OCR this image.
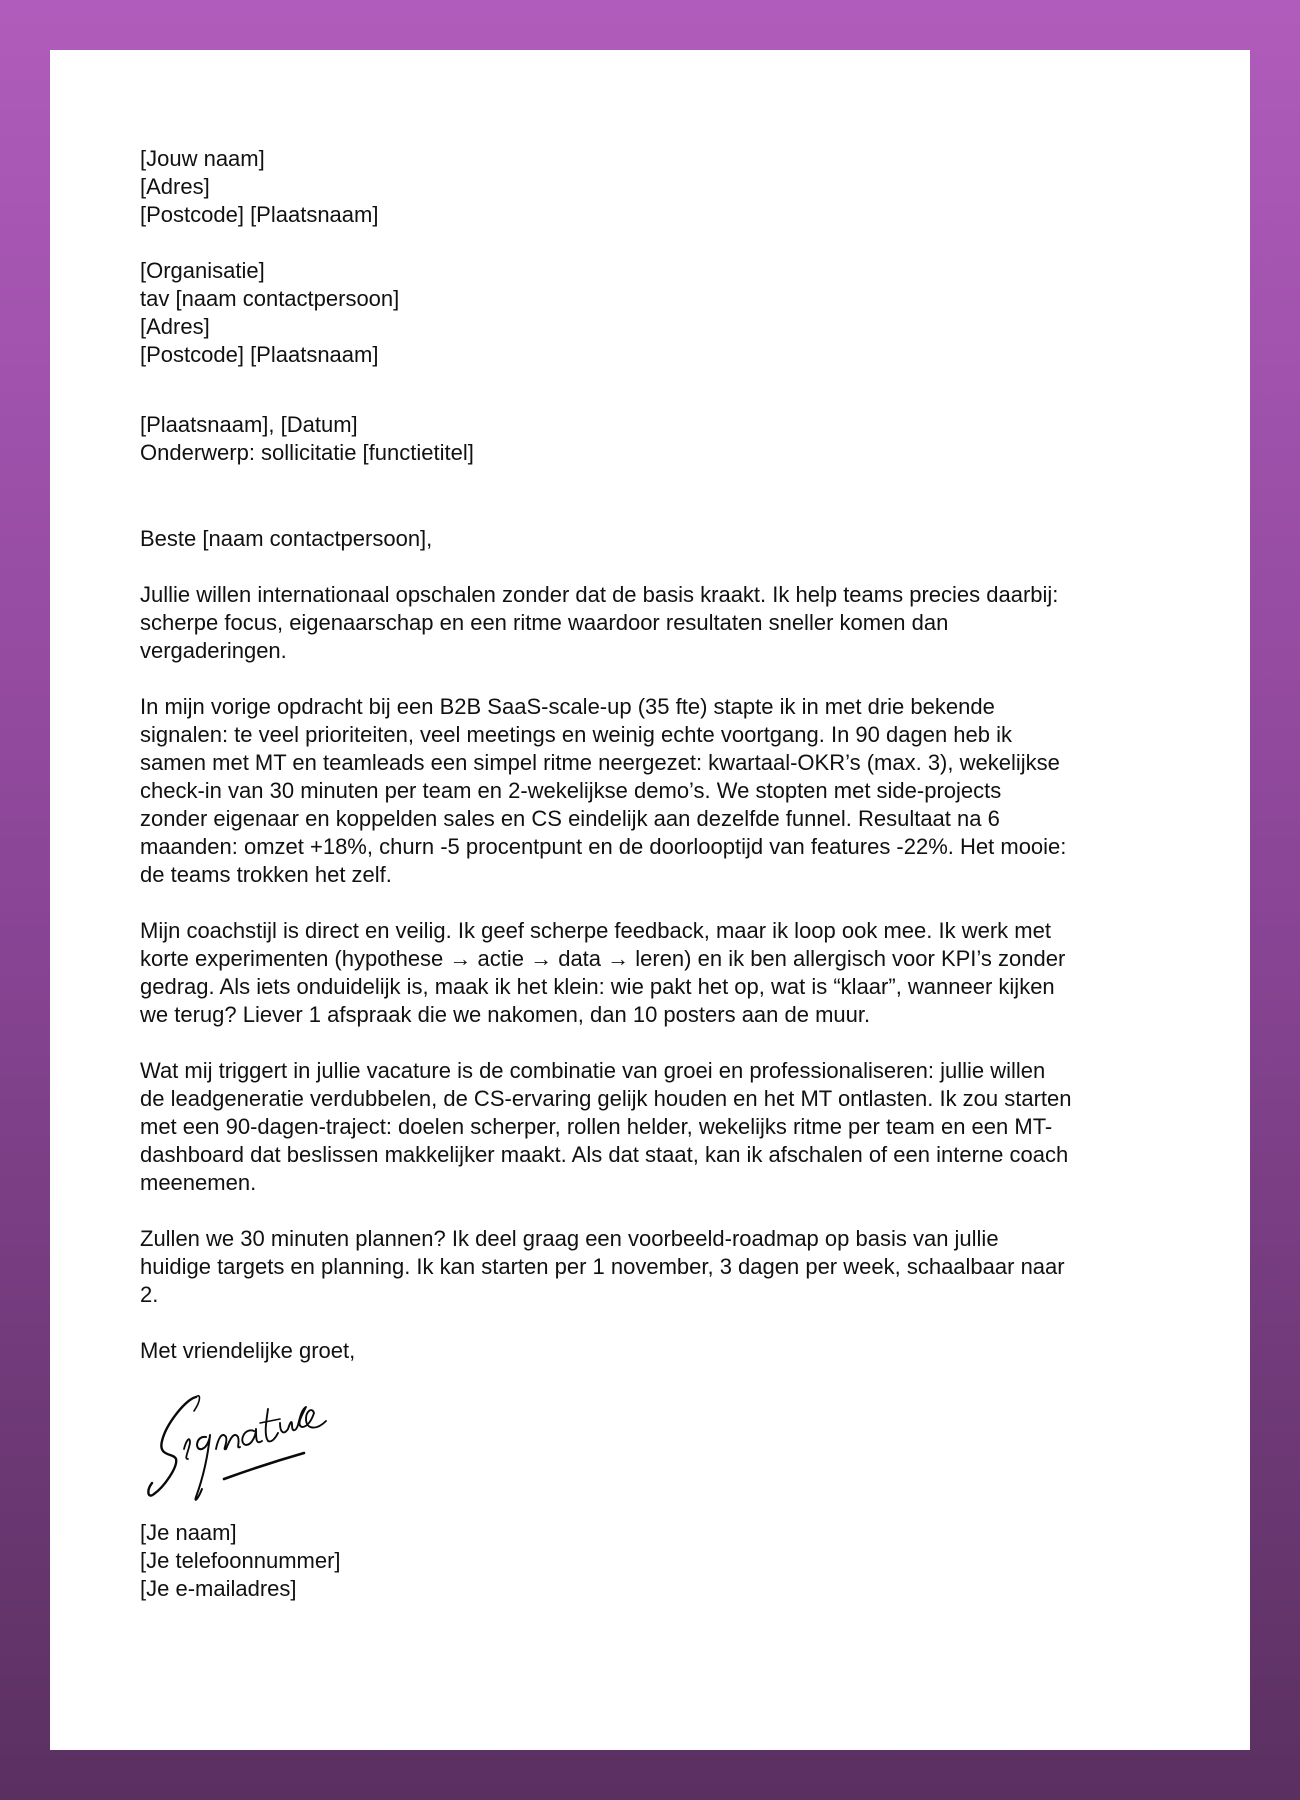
[Jouw naam]
[Adres]
[Postcode] [Plaatsnaam]
[Organisatie]
tav [naam contactpersoon]
[Adres]
[Postcode] [Plaatsnaam]
[Plaatsnaam], [Datum]
Onderwerp: sollicitatie [functietitel]
Beste [naam contactpersoon],
Jullie willen internationaal opschalen zonder dat de basis kraakt. Ik help teams precies daarbij:
scherpe focus, eigenaarschap en een ritme waardoor resultaten sneller komen dan
vergaderingen.
In mijn vorige opdracht bij een B2B SaaS-scale-up (35 fte) stapte ik in met drie bekende
signalen: te veel prioriteiten, veel meetings en weinig echte voortgang. In 90 dagen heb ik
samen met MT en teamleads een simpel ritme neergezet: kwartaal-OKR’s (max. 3), wekelijkse
check-in van 30 minuten per team en 2-wekelijkse demo’s. We stopten met side-projects
zonder eigenaar en koppelden sales en CS eindelijk aan dezelfde funnel. Resultaat na 6
maanden: omzet +18%, churn -5 procentpunt en de doorlooptijd van features -22%. Het mooie:
de teams trokken het zelf.
Mijn coachstijl is direct en veilig. Ik geef scherpe feedback, maar ik loop ook mee. Ik werk met
korte experimenten (hypothese → actie → data → leren) en ik ben allergisch voor KPI’s zonder
gedrag. Als iets onduidelijk is, maak ik het klein: wie pakt het op, wat is “klaar”, wanneer kijken
we terug? Liever 1 afspraak die we nakomen, dan 10 posters aan de muur.
Wat mij triggert in jullie vacature is de combinatie van groei en professionaliseren: jullie willen
de leadgeneratie verdubbelen, de CS-ervaring gelijk houden en het MT ontlasten. Ik zou starten
met een 90-dagen-traject: doelen scherper, rollen helder, wekelijks ritme per team en een MT-
dashboard dat beslissen makkelijker maakt. Als dat staat, kan ik afschalen of een interne coach
meenemen.
Zullen we 30 minuten plannen? Ik deel graag een voorbeeld-roadmap op basis van jullie
huidige targets en planning. Ik kan starten per 1 november, 3 dagen per week, schaalbaar naar
2.
Met vriendelijke groet,
[Je naam]
[Je telefoonnummer]
[Je e-mailadres]
